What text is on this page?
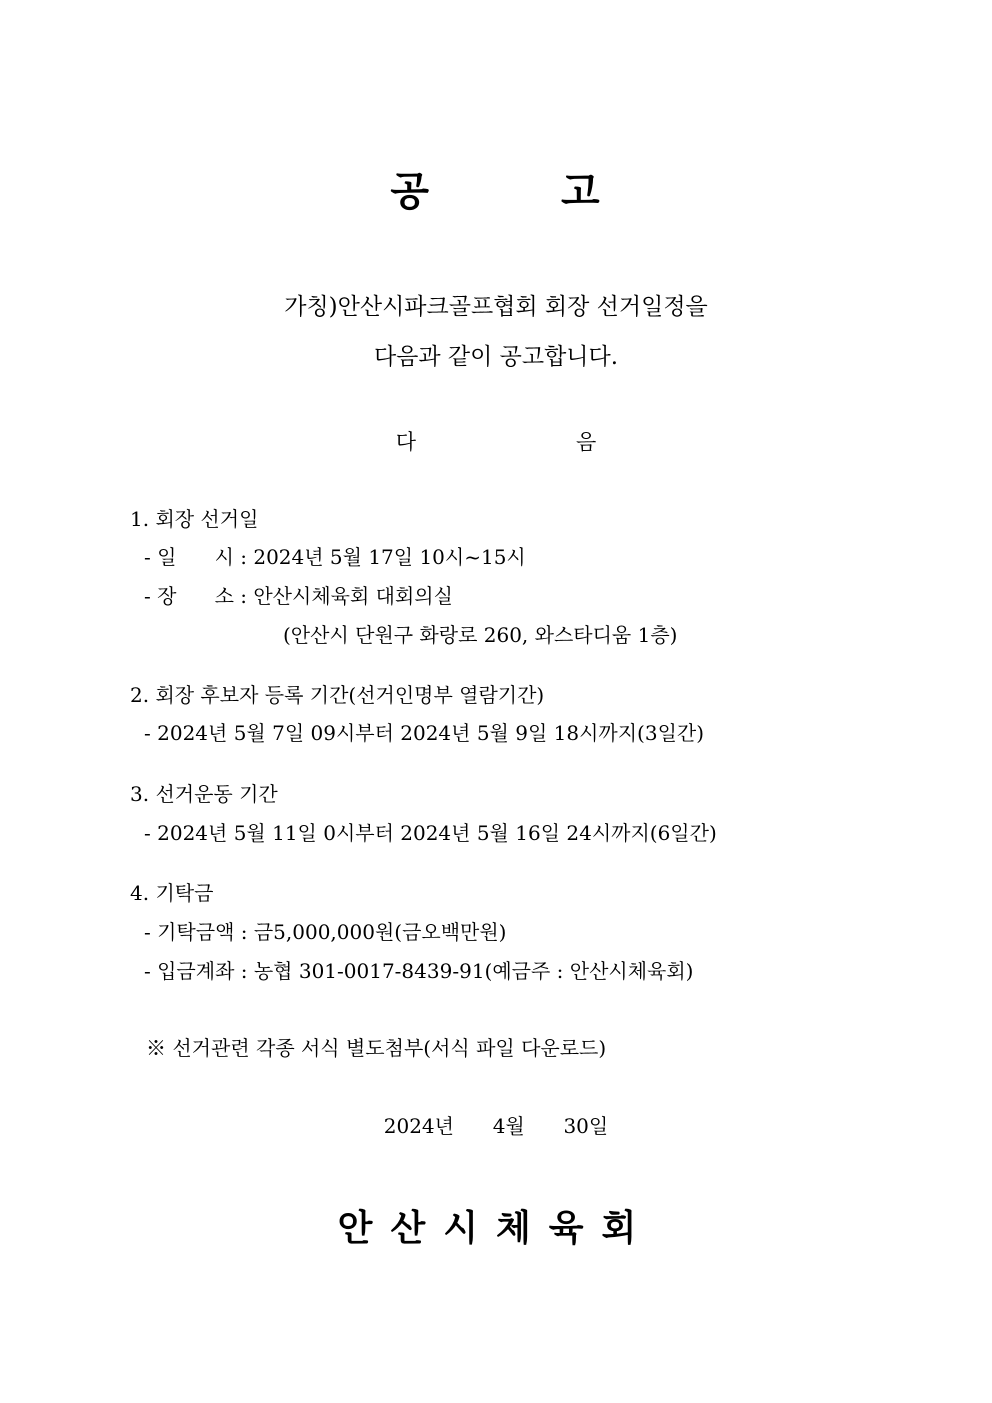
공	고
가칭)안산시파크골프협회 회장 선거일정을
다음과 같이 공고합니다.
다	음
1. 회장 선거일
- 일      시 : 2024년 5월 17일 10시~15시
- 장      소 : 안산시체육회 대회의실
(안산시 단원구 화랑로 260, 와스타디움 1층)
2. 회장 후보자 등록 기간(선거인명부 열람기간)
- 2024년 5월 7일 09시부터 2024년 5월 9일 18시까지(3일간)
3. 선거운동 기간
- 2024년 5월 11일 0시부터 2024년 5월 16일 24시까지(6일간)
4. 기탁금
- 기탁금액 : 금5,000,000원(금오백만원)
- 입금계좌 : 농협 301-0017-8439-91(예금주 : 안산시체육회)
※ 선거관련 각종 서식 별도첨부(서식 파일 다운로드)
2024년 4월 30일
안산시체육회
